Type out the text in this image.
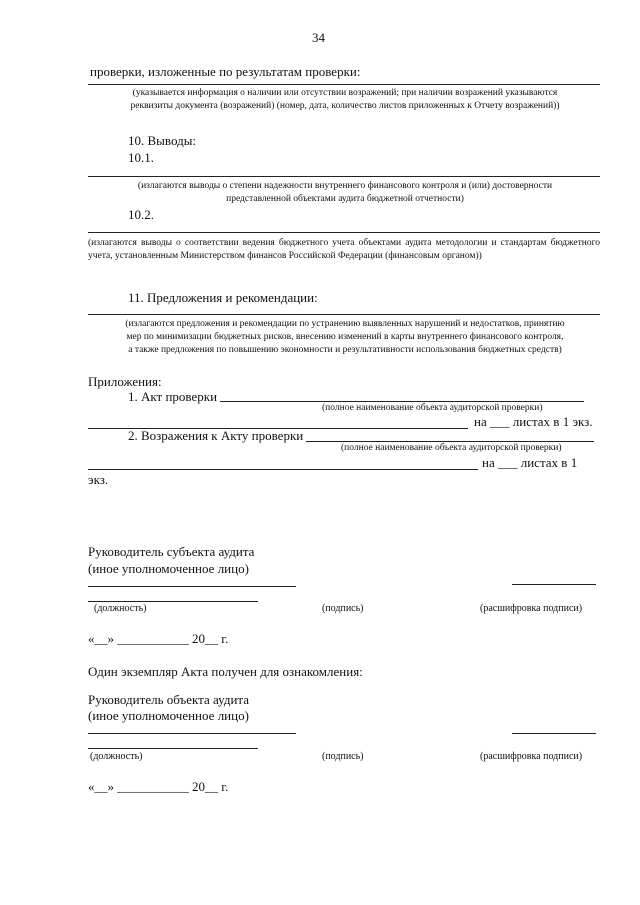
34
проверки, изложенные по результатам проверки:
(указывается информация о наличии или отсутствии возражений; при наличии возражений указываются
реквизиты документа (возражений) (номер, дата, количество листов приложенных к Отчету возражений))
10. Выводы:
10.1.
(излагаются выводы о степени надежности внутреннего финансового контроля и (или) достоверности
представленной объектами аудита бюджетной отчетности)
10.2.
(излагаются выводы о соответствии ведения бюджетного учета объектами аудита методологии и стандартам бюджетного учета, установленным Министерством финансов Российской Федерации (финансовым органом))
11. Предложения и рекомендации:
(излагаются предложения и рекомендации по устранению выявленных нарушений и недостатков, принятию
мер по минимизации бюджетных рисков, внесению изменений в карты внутреннего финансового контроля,
а также предложения по повышению экономности и результативности использования бюджетных средств)
Приложения:
1. Акт проверки
(полное наименование объекта аудиторской проверки)
на ___ листах в 1 экз.
2. Возражения к Акту проверки
(полное наименование объекта аудиторской проверки)
на ___ листах в 1
экз.
Руководитель субъекта аудита
(иное уполномоченное лицо)
(должность)	(подпись)	(расшифровка подписи)
«__» ___________ 20__ г.
Один экземпляр Акта получен для ознакомления:
Руководитель объекта аудита
(иное уполномоченное лицо)
(должность)	(подпись)	(расшифровка подписи)
«__» ___________ 20__ г.
